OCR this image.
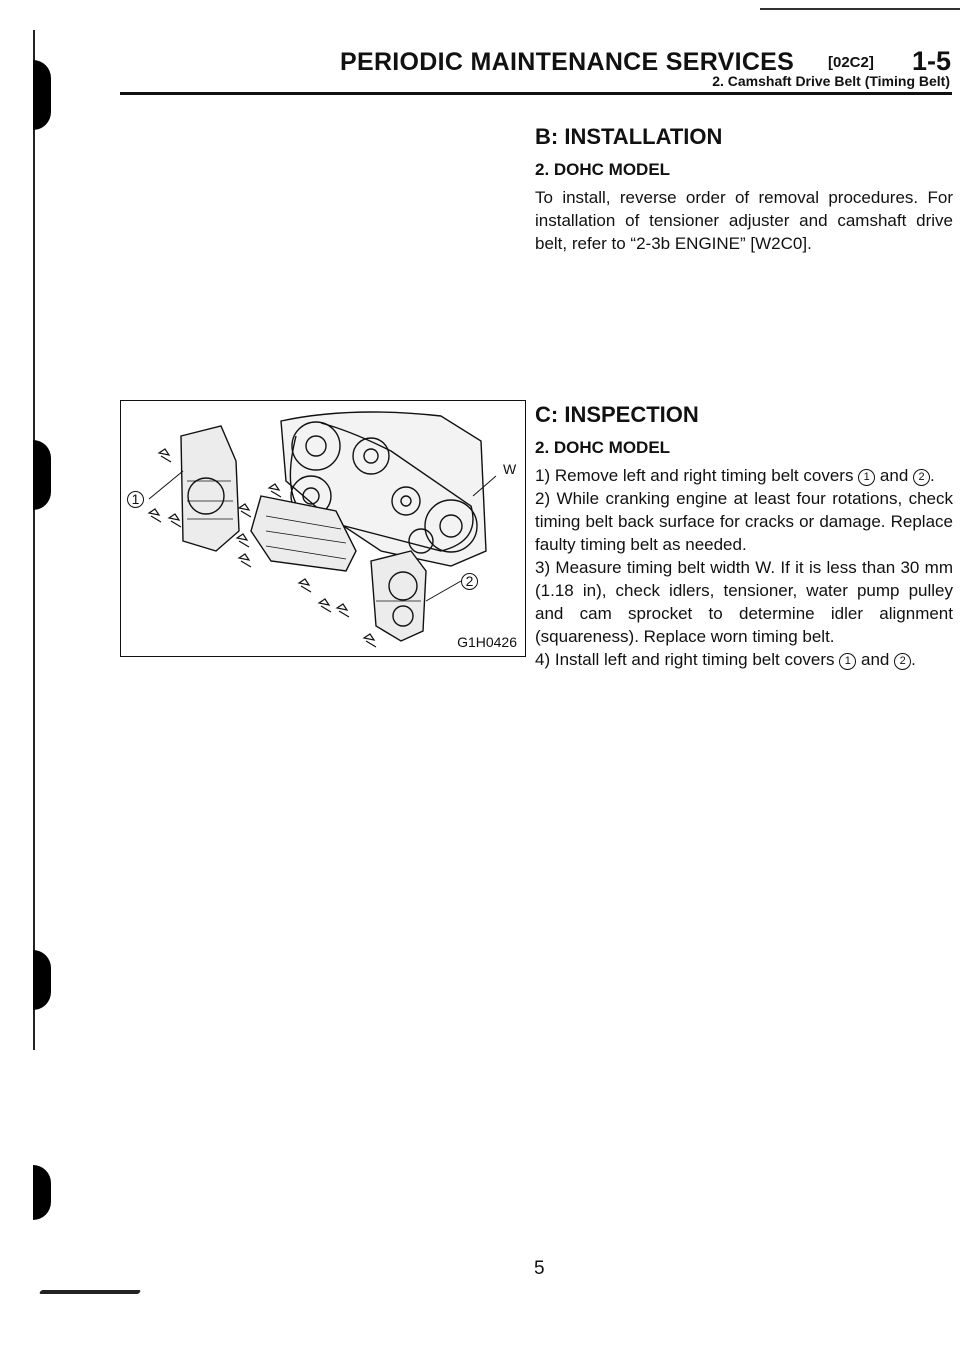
PERIODIC MAINTENANCE SERVICES [02C2] 1-5
2. Camshaft Drive Belt (Timing Belt)
B: INSTALLATION
2. DOHC MODEL

To install, reverse order of removal procedures. For installation of tensioner adjuster and camshaft drive belt, refer to “2-3b ENGINE” [W2C0].

C: INSPECTION
2. DOHC MODEL

1) Remove left and right timing belt covers 1 and 2 .

2) While cranking engine at least four rotations, check timing belt back surface for cracks or damage. Replace faulty timing belt as needed.

3) Measure timing belt width W. If it is less than 30 mm (1.18 in), check idlers, tensioner, water pump pulley and cam sprocket to determine idler alignment (squareness). Replace worn timing belt.

4) Install left and right timing belt covers 1 and 2 .

W
1
2
G1H0426
5
